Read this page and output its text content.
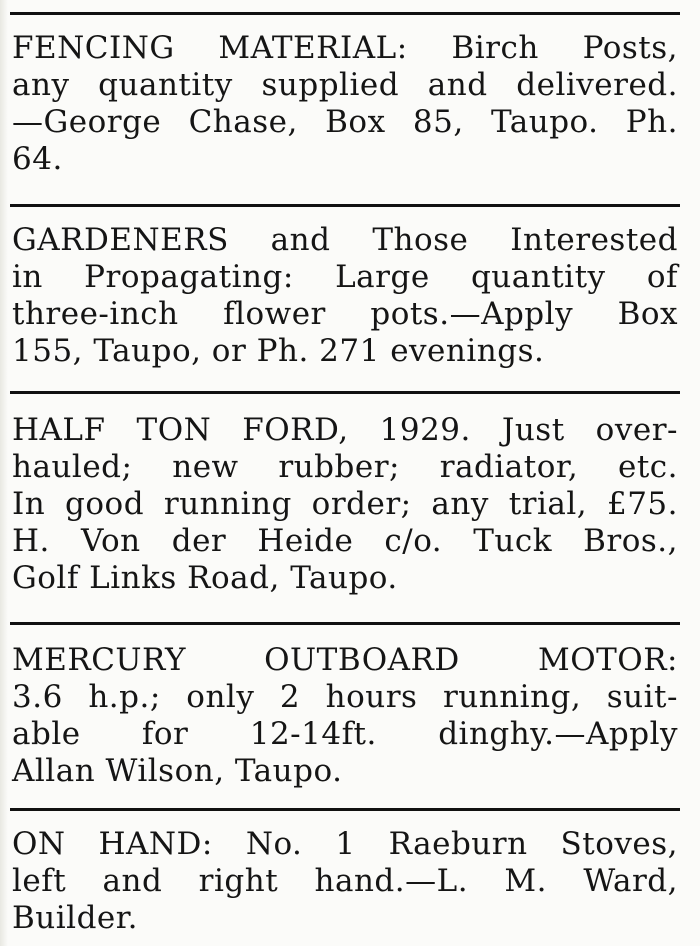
FENCING MATERIAL: Birch Posts,
any quantity supplied and delivered.
—George Chase, Box 85, Taupo. Ph.
64.
GARDENERS and Those Interested
in Propagating: Large quantity of
three-inch flower pots.—Apply Box
155, Taupo, or Ph. 271 evenings.
HALF TON FORD, 1929. Just over-
hauled; new rubber; radiator, etc.
In good running order; any trial, £75.
H. Von der Heide c/o. Tuck Bros.,
Golf Links Road, Taupo.
MERCURY OUTBOARD MOTOR:
3.6 h.p.; only 2 hours running, suit-
able for 12-14ft. dinghy.—Apply
Allan Wilson, Taupo.
ON HAND: No. 1 Raeburn Stoves,
left and right hand.—L. M. Ward,
Builder.
